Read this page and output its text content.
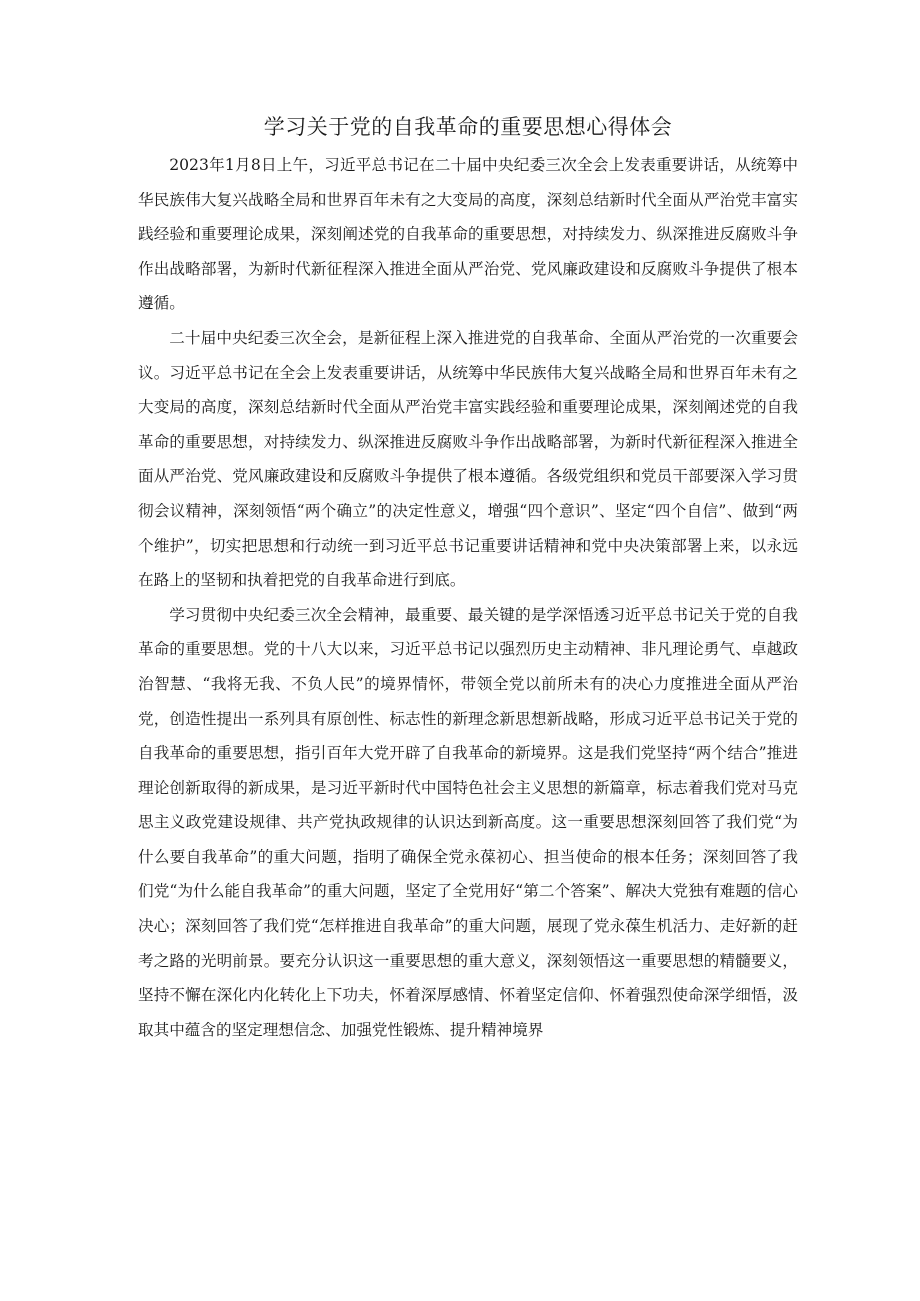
学习关于党的自我革命的重要思想心得体会

2023年1月8日上午，习近平总书记在二十届中央纪委三次全会上发表重要讲话，从统筹中华民族伟大复兴战略全局和世界百年未有之大变局的高度，深刻总结新时代全面从严治党丰富实践经验和重要理论成果，深刻阐述党的自我革命的重要思想，对持续发力、纵深推进反腐败斗争作出战略部署，为新时代新征程深入推进全面从严治党、党风廉政建设和反腐败斗争提供了根本遵循。

二十届中央纪委三次全会，是新征程上深入推进党的自我革命、全面从严治党的一次重要会议。习近平总书记在全会上发表重要讲话，从统筹中华民族伟大复兴战略全局和世界百年未有之大变局的高度，深刻总结新时代全面从严治党丰富实践经验和重要理论成果，深刻阐述党的自我革命的重要思想，对持续发力、纵深推进反腐败斗争作出战略部署，为新时代新征程深入推进全面从严治党、党风廉政建设和反腐败斗争提供了根本遵循。各级党组织和党员干部要深入学习贯彻会议精神，深刻领悟“两个确立”的决定性意义，增强“四个意识”、坚定“四个自信”、做到“两个维护”，切实把思想和行动统一到习近平总书记重要讲话精神和党中央决策部署上来，以永远在路上的坚韧和执着把党的自我革命进行到底。

学习贯彻中央纪委三次全会精神，最重要、最关键的是学深悟透习近平总书记关于党的自我革命的重要思想。党的十八大以来，习近平总书记以强烈历史主动精神、非凡理论勇气、卓越政治智慧、“我将无我、不负人民”的境界情怀，带领全党以前所未有的决心力度推进全面从严治党，创造性提出一系列具有原创性、标志性的新理念新思想新战略，形成习近平总书记关于党的自我革命的重要思想，指引百年大党开辟了自我革命的新境界。这是我们党坚持“两个结合”推进理论创新取得的新成果，是习近平新时代中国特色社会主义思想的新篇章，标志着我们党对马克思主义政党建设规律、共产党执政规律的认识达到新高度。这一重要思想深刻回答了我们党“为什么要自我革命”的重大问题，指明了确保全党永葆初心、担当使命的根本任务；深刻回答了我们党“为什么能自我革命”的重大问题，坚定了全党用好“第二个答案”、解决大党独有难题的信心决心；深刻回答了我们党“怎样推进自我革命”的重大问题，展现了党永葆生机活力、走好新的赶考之路的光明前景。要充分认识这一重要思想的重大意义，深刻领悟这一重要思想的精髓要义，坚持不懈在深化内化转化上下功夫，怀着深厚感情、怀着坚定信仰、怀着强烈使命深学细悟，汲取其中蕴含的坚定理想信念、加强党性锻炼、提升精神境界
